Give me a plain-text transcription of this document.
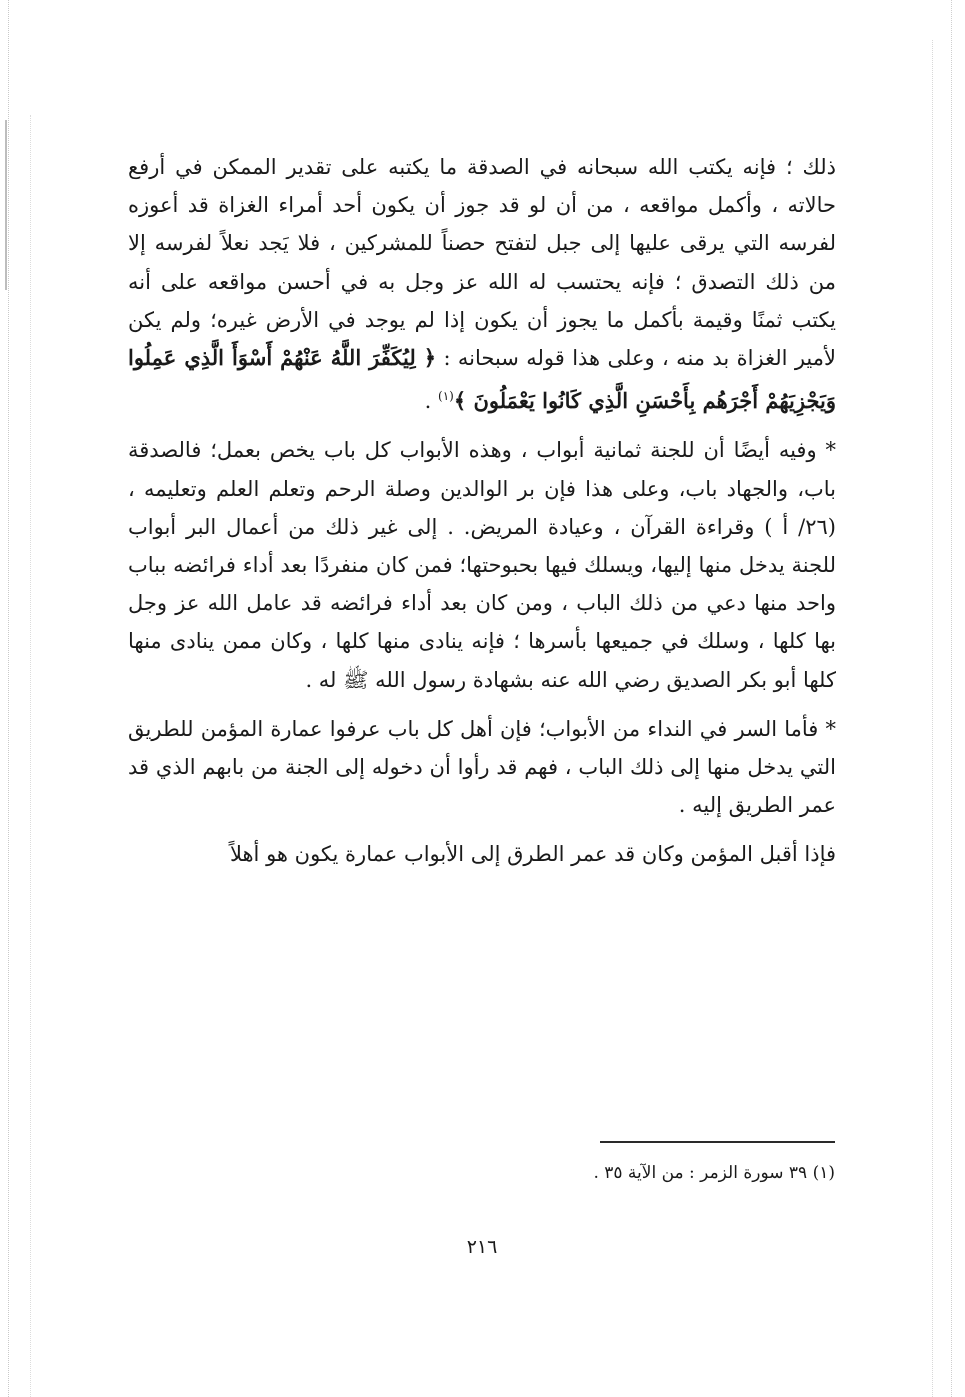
ذلك ؛ فإنه يكتب الله سبحانه في الصدقة ما يكتبه على تقدير الممكن في أرفع حالاته ، وأكمل مواقعه ، من أن لو قد جوز أن يكون أحد أمراء الغزاة قد أعوزه لفرسه التي يرقى عليها إلى جبل لتفتح حصناً للمشركين ، فلا يَجد نعلاً لفرسه إلا من ذلك التصدق ؛ فإنه يحتسب له الله عز وجل به في أحسن مواقعه على أنه يكتب ثمنًا وقيمة بأكمل ما يجوز أن يكون إذا لم يوجد في الأرض غيره؛ ولم يكن لأمير الغزاة بد منه ، وعلى هذا قوله سبحانه : ﴿ لِيُكَفِّرَ اللَّهُ عَنْهُمْ أَسْوَأَ الَّذِي عَمِلُوا وَيَجْزِيَهُمْ أَجْرَهُم بِأَحْسَنِ الَّذِي كَانُوا يَعْمَلُونَ ﴾$^{(١)}$ .

* وفيه أيضًا أن للجنة ثمانية أبواب ، وهذه الأبواب كل باب يخص بعمل؛ فالصدقة باب، والجهاد باب، وعلى هذا فإن بر الوالدين وصلة الرحم وتعلم العلم وتعليمه ، (٢٦/ أ ) وقراءة القرآن ، وعيادة المريض. . إلى غير ذلك من أعمال البر أبواب للجنة يدخل منها إليها، ويسلك فيها بحبوحتها؛ فمن كان منفردًا بعد أداء فرائضه بباب واحد منها دعي من ذلك الباب ، ومن كان بعد أداء فرائضه قد عامل الله عز وجل بها كلها ، وسلك في جميعها بأسرها ؛ فإنه ينادى منها كلها ، وكان ممن ينادى منها كلها أبو بكر الصديق رضي الله عنه بشهادة رسول الله ﷺ له .

* فأما السر في النداء من الأبواب؛ فإن أهل كل باب عرفوا عمارة المؤمن للطريق التي يدخل منها إلى ذلك الباب ، فهم قد رأوا أن دخوله إلى الجنة من بابهم الذي قد عمر الطريق إليه .

فإذا أقبل المؤمن وكان قد عمر الطرق إلى الأبواب عمارة يكون هو أهلاً

(١) ٣٩ سورة الزمر : من الآية ٣٥ .
٢١٦
